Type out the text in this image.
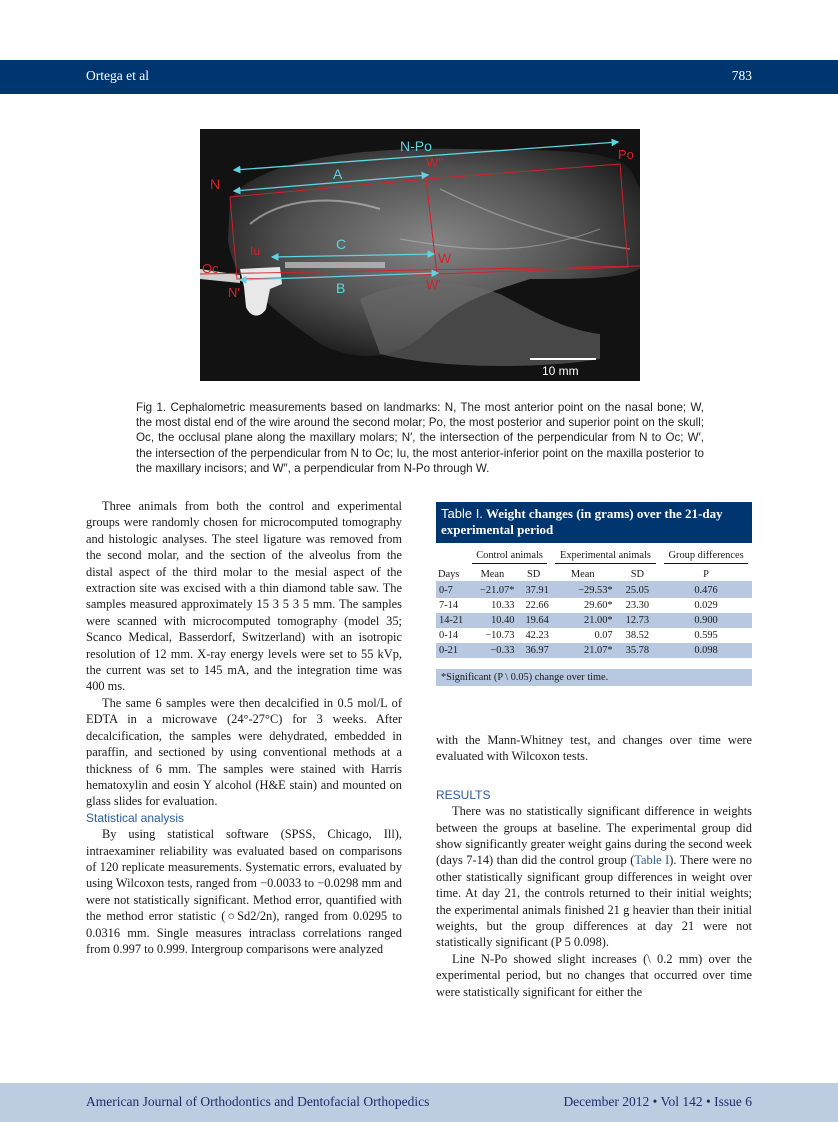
Ortega et al	783
N-Po
W''
Po
A
N
Iu	C
W
Oc
N'	B	W'
10 mm
Fig 1. Cephalometric measurements based on landmarks: N, The most anterior point on the nasal bone; W, the most distal end of the wire around the second molar; Po, the most posterior and superior point on the skull; Oc, the occlusal plane along the maxillary molars; N′, the intersection of the perpendicular from N to Oc; W′, the intersection of the perpendicular from N to Oc; Iu, the most anterior-inferior point on the maxilla posterior to the maxillary incisors; and W″, a perpendicular from N-Po through W.

Three animals from both the control and experimental groups were randomly chosen for microcomputed tomography and histologic analyses. The steel ligature was removed from the second molar, and the section of the alveolus from the distal aspect of the third molar to the mesial aspect of the extraction site was excised with a thin diamond table saw. The samples measured approximately 15 3 5 3 5 mm. The samples were scanned with microcomputed tomography (model 35; Scanco Medical, Basserdorf, Switzerland) with an isotropic resolution of 12 mm. X-ray energy levels were set to 55 kVp, the current was set to 145 mA, and the integration time was 400 ms.

The same 6 samples were then decalcified in 0.5 mol/L of EDTA in a microwave (24°-27°C) for 3 weeks. After decalcification, the samples were dehydrated, embedded in paraffin, and sectioned by using conventional methods at a thickness of 6 mm. The samples were stained with Harris hematoxylin and eosin Y alcohol (H&E stain) and mounted on glass slides for evaluation.

Statistical analysis

By using statistical software (SPSS, Chicago, Ill), intraexaminer reliability was evaluated based on comparisons of 120 replicate measurements. Systematic errors, evaluated by using Wilcoxon tests, ranged from −0.0033 to −0.0298 mm and were not statistically significant. Method error, quantified with the method error statistic (○Sd2/2n), ranged from 0.0295 to 0.0316 mm. Single measures intraclass correlations ranged from 0.997 to 0.999. Intergroup comparisons were analyzed

Table I. Weight changes (in grams) over the 21-day experimental period

	Control animals		Experimental animals		Group differences

Days	Mean	SD	Mean	SD	P
0-7	−21.07*	37.91	−29.53*	25.05	0.476
7-14	10.33	22.66	29.60*	23.30	0.029
14-21	10.40	19.64	21.00*	12.73	0.900
0-14	−10.73	42.23	0.07	38.52	0.595
0-21	−0.33	36.97	21.07*	35.78	0.098
*Significant (P \ 0.05) change over time.

with the Mann-Whitney test, and changes over time were evaluated with Wilcoxon tests.

RESULTS

There was no statistically significant difference in weights between the groups at baseline. The experimental group did show significantly greater weight gains during the second week (days 7-14) than did the control group (Table I). There were no other statistically significant group differences in weight over time. At day 21, the controls returned to their initial weights; the experimental animals finished 21 g heavier than their initial weights, but the group differences at day 21 were not statistically significant (P 5 0.098).

Line N-Po showed slight increases (\ 0.2 mm) over the experimental period, but no changes that occurred over time were statistically significant for either the

American Journal of Orthodontics and Dentofacial Orthopedics	December 2012 • Vol 142 • Issue 6
